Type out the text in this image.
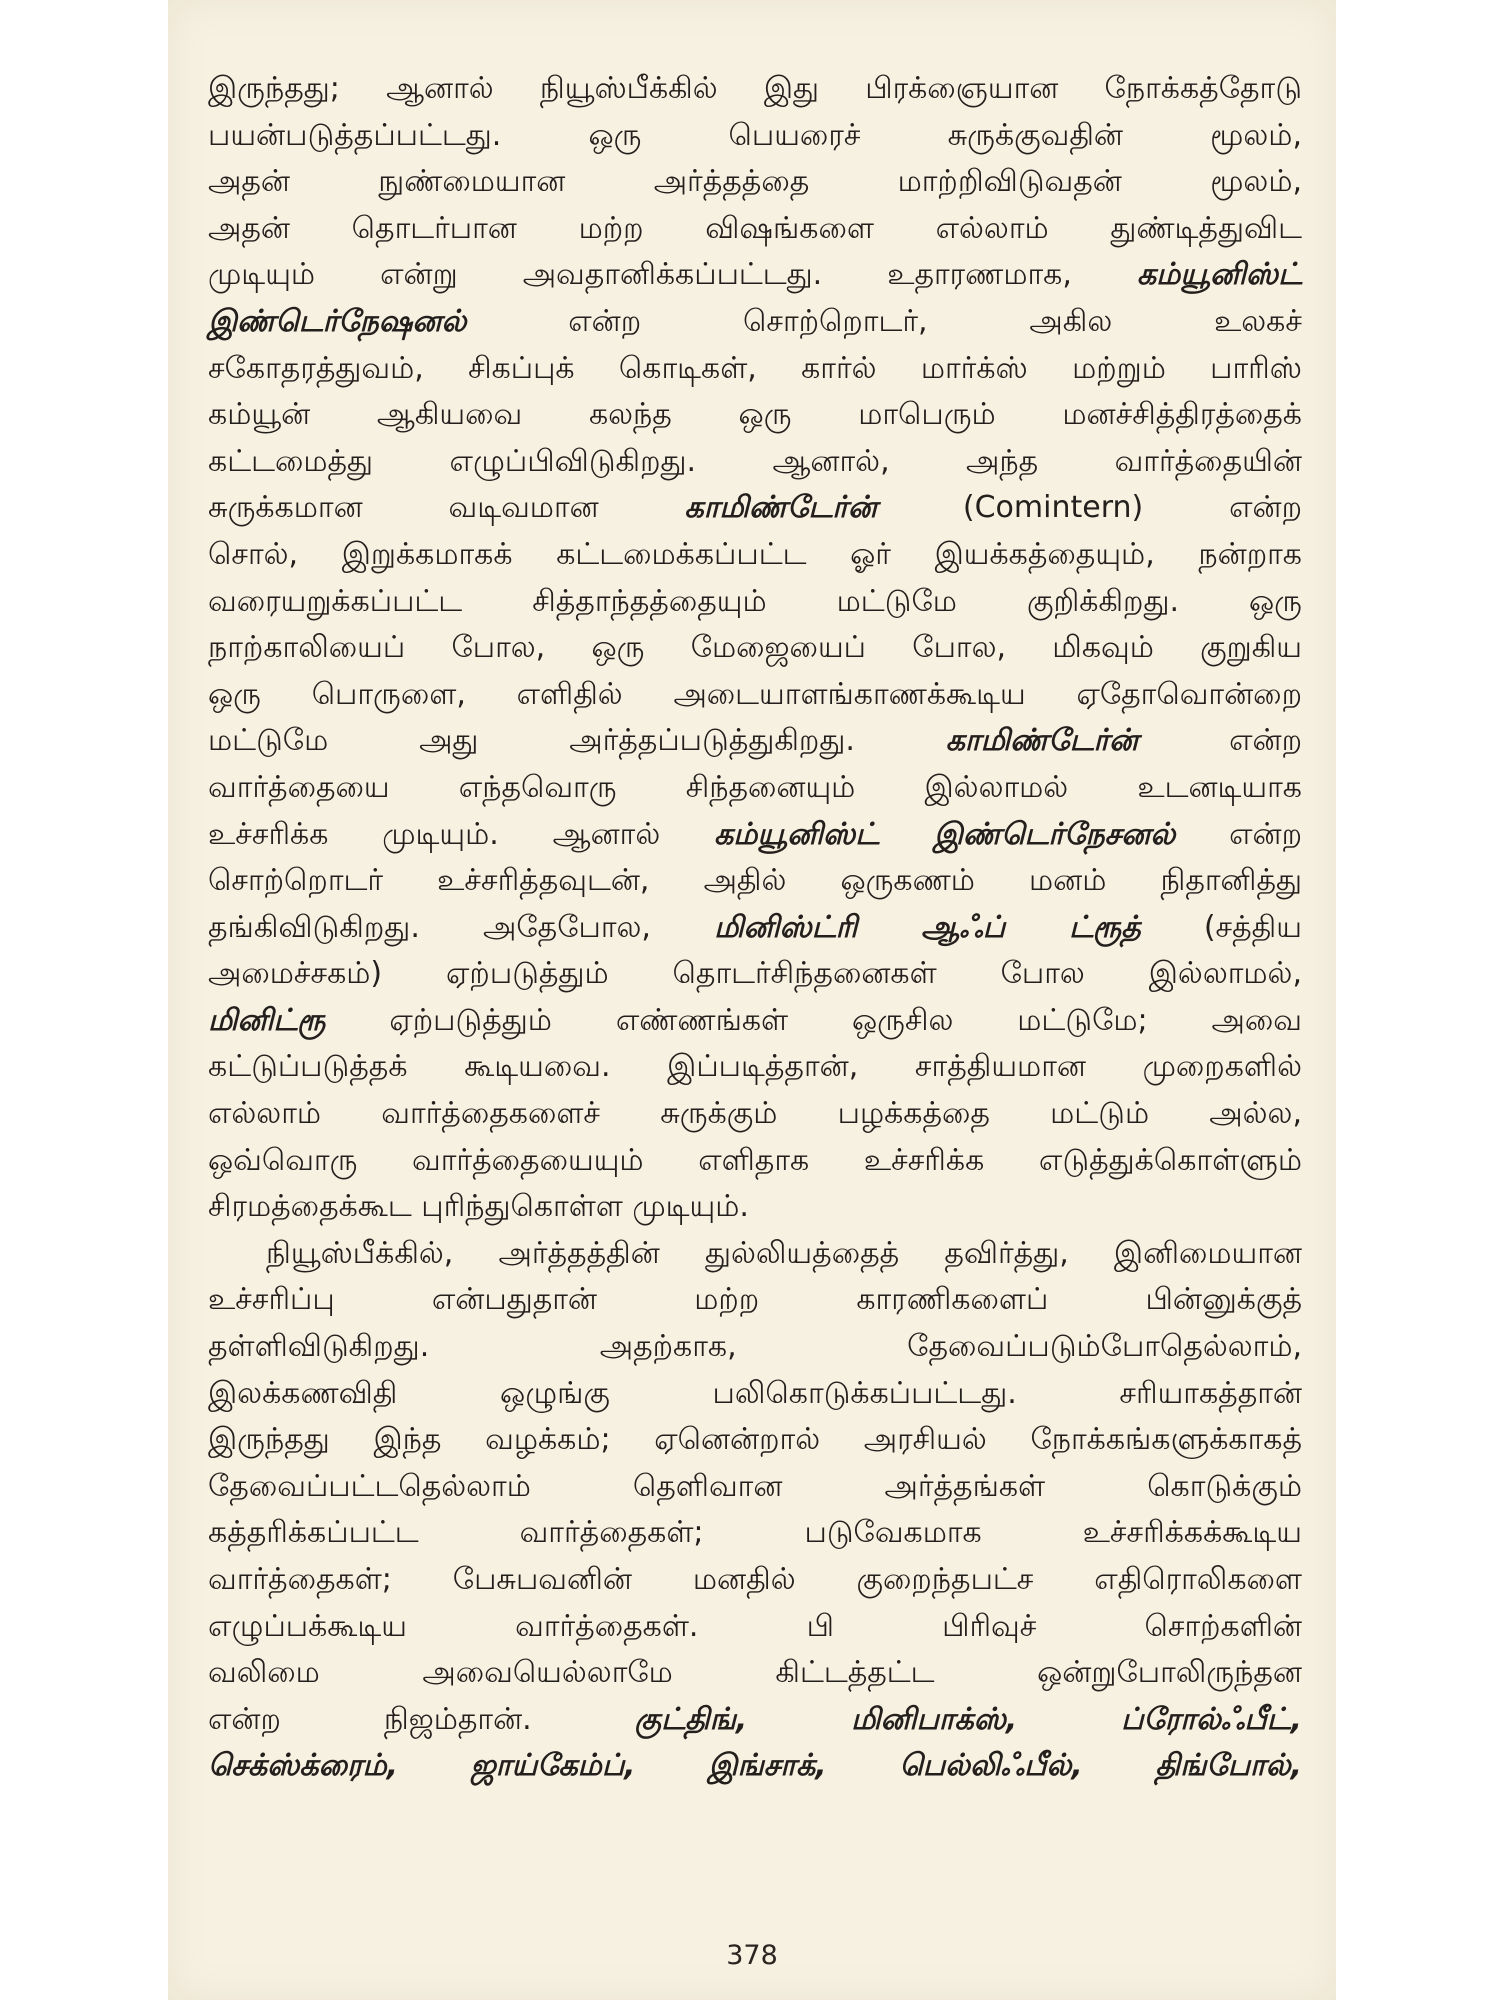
இருந்தது; ஆனால் நியூஸ்பீக்கில் இது பிரக்ஞையான நோக்கத்தோடு
பயன்படுத்தப்பட்டது. ஒரு பெயரைச் சுருக்குவதின் மூலம்,
அதன் நுண்மையான அர்த்தத்தை மாற்றிவிடுவதன் மூலம்,
அதன் தொடர்பான மற்ற விஷங்களை எல்லாம் துண்டித்துவிட
முடியும் என்று அவதானிக்கப்பட்டது. உதாரணமாக, கம்யூனிஸ்ட்
இண்டெர்நேஷனல் என்ற சொற்றொடர், அகில உலகச்
சகோதரத்துவம், சிகப்புக் கொடிகள், கார்ல் மார்க்ஸ் மற்றும் பாரிஸ்
கம்யூன் ஆகியவை கலந்த ஒரு மாபெரும் மனச்சித்திரத்தைக்
கட்டமைத்து எழுப்பிவிடுகிறது. ஆனால், அந்த வார்த்தையின்
சுருக்கமான வடிவமான காமிண்டேர்ன் (Comintern) என்ற
சொல், இறுக்கமாகக் கட்டமைக்கப்பட்ட ஓர் இயக்கத்தையும், நன்றாக
வரையறுக்கப்பட்ட சித்தாந்தத்தையும் மட்டுமே குறிக்கிறது. ஒரு
நாற்காலியைப் போல, ஒரு மேஜையைப் போல, மிகவும் குறுகிய
ஒரு பொருளை, எளிதில் அடையாளங்காணக்கூடிய ஏதோவொன்றை
மட்டுமே அது அர்த்தப்படுத்துகிறது. காமிண்டேர்ன் என்ற
வார்த்தையை எந்தவொரு சிந்தனையும் இல்லாமல் உடனடியாக
உச்சரிக்க முடியும். ஆனால் கம்யூனிஸ்ட் இண்டெர்நேசனல் என்ற
சொற்றொடர் உச்சரித்தவுடன், அதில் ஒருகணம் மனம் நிதானித்து
தங்கிவிடுகிறது. அதேபோல, மினிஸ்ட்ரி ஆஃப் ட்ரூத் (சத்திய
அமைச்சகம்) ஏற்படுத்தும் தொடர்சிந்தனைகள் போல இல்லாமல்,
மினிட்ரூ ஏற்படுத்தும் எண்ணங்கள் ஒருசில மட்டுமே; அவை
கட்டுப்படுத்தக் கூடியவை. இப்படித்தான், சாத்தியமான முறைகளில்
எல்லாம் வார்த்தைகளைச் சுருக்கும் பழக்கத்தை மட்டும் அல்ல,
ஒவ்வொரு வார்த்தையையும் எளிதாக உச்சரிக்க எடுத்துக்கொள்ளும்
சிரமத்தைக்கூட புரிந்துகொள்ள முடியும்.
நியூஸ்பீக்கில், அர்த்தத்தின் துல்லியத்தைத் தவிர்த்து, இனிமையான
உச்சரிப்பு என்பதுதான் மற்ற காரணிகளைப் பின்னுக்குத்
தள்ளிவிடுகிறது. அதற்காக, தேவைப்படும்போதெல்லாம்,
இலக்கணவிதி ஒழுங்கு பலிகொடுக்கப்பட்டது. சரியாகத்தான்
இருந்தது இந்த வழக்கம்; ஏனென்றால் அரசியல் நோக்கங்களுக்காகத்
தேவைப்பட்டதெல்லாம் தெளிவான அர்த்தங்கள் கொடுக்கும்
கத்தரிக்கப்பட்ட வார்த்தைகள்; படுவேகமாக உச்சரிக்கக்கூடிய
வார்த்தைகள்; பேசுபவனின் மனதில் குறைந்தபட்ச எதிரொலிகளை
எழுப்பக்கூடிய வார்த்தைகள். பி பிரிவுச் சொற்களின்
வலிமை அவையெல்லாமே கிட்டத்தட்ட ஒன்றுபோலிருந்தன
என்ற நிஜம்தான். குட்திங், மினிபாக்ஸ், ப்ரோல்ஃபீட்,
செக்ஸ்க்ரைம், ஜாய்கேம்ப், இங்சாக், பெல்லிஃபீல், திங்போல்,
378
